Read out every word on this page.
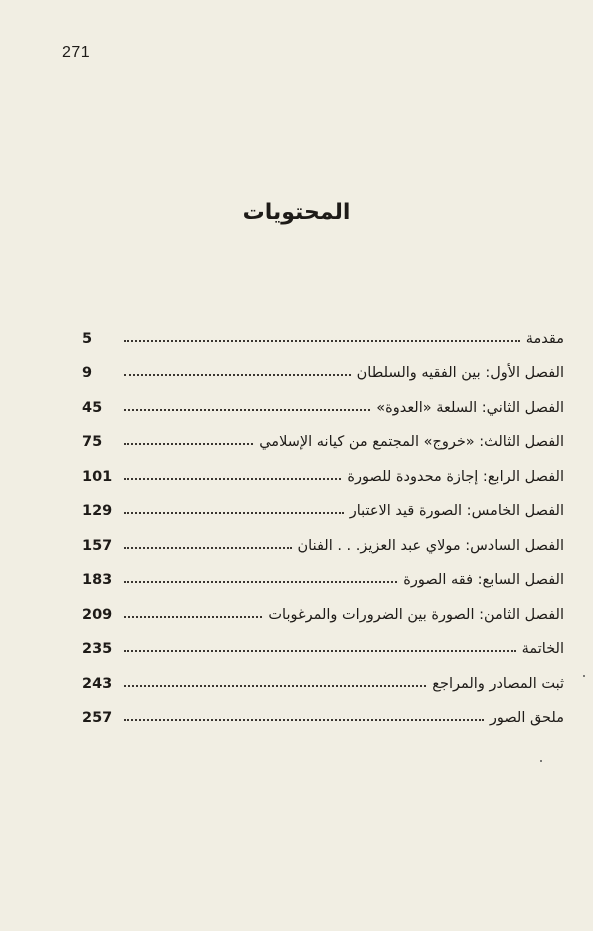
271
المحتويات
مقدمة
5
الفصل الأول: بين الفقيه والسلطان
9
الفصل الثاني: السلعة «العدوة»
45
الفصل الثالث: «خروج» المجتمع من كيانه الإسلامي
75
الفصل الرابع: إجازة محدودة للصورة
101
الفصل الخامس: الصورة قيد الاعتبار
129
الفصل السادس: مولاي عبد العزيز. . . الفنان
157
الفصل السابع: فقه الصورة
183
الفصل الثامن: الصورة بين الضرورات والمرغوبات
209
الخاتمة
235
ثبت المصادر والمراجع
243
ملحق الصور
257
